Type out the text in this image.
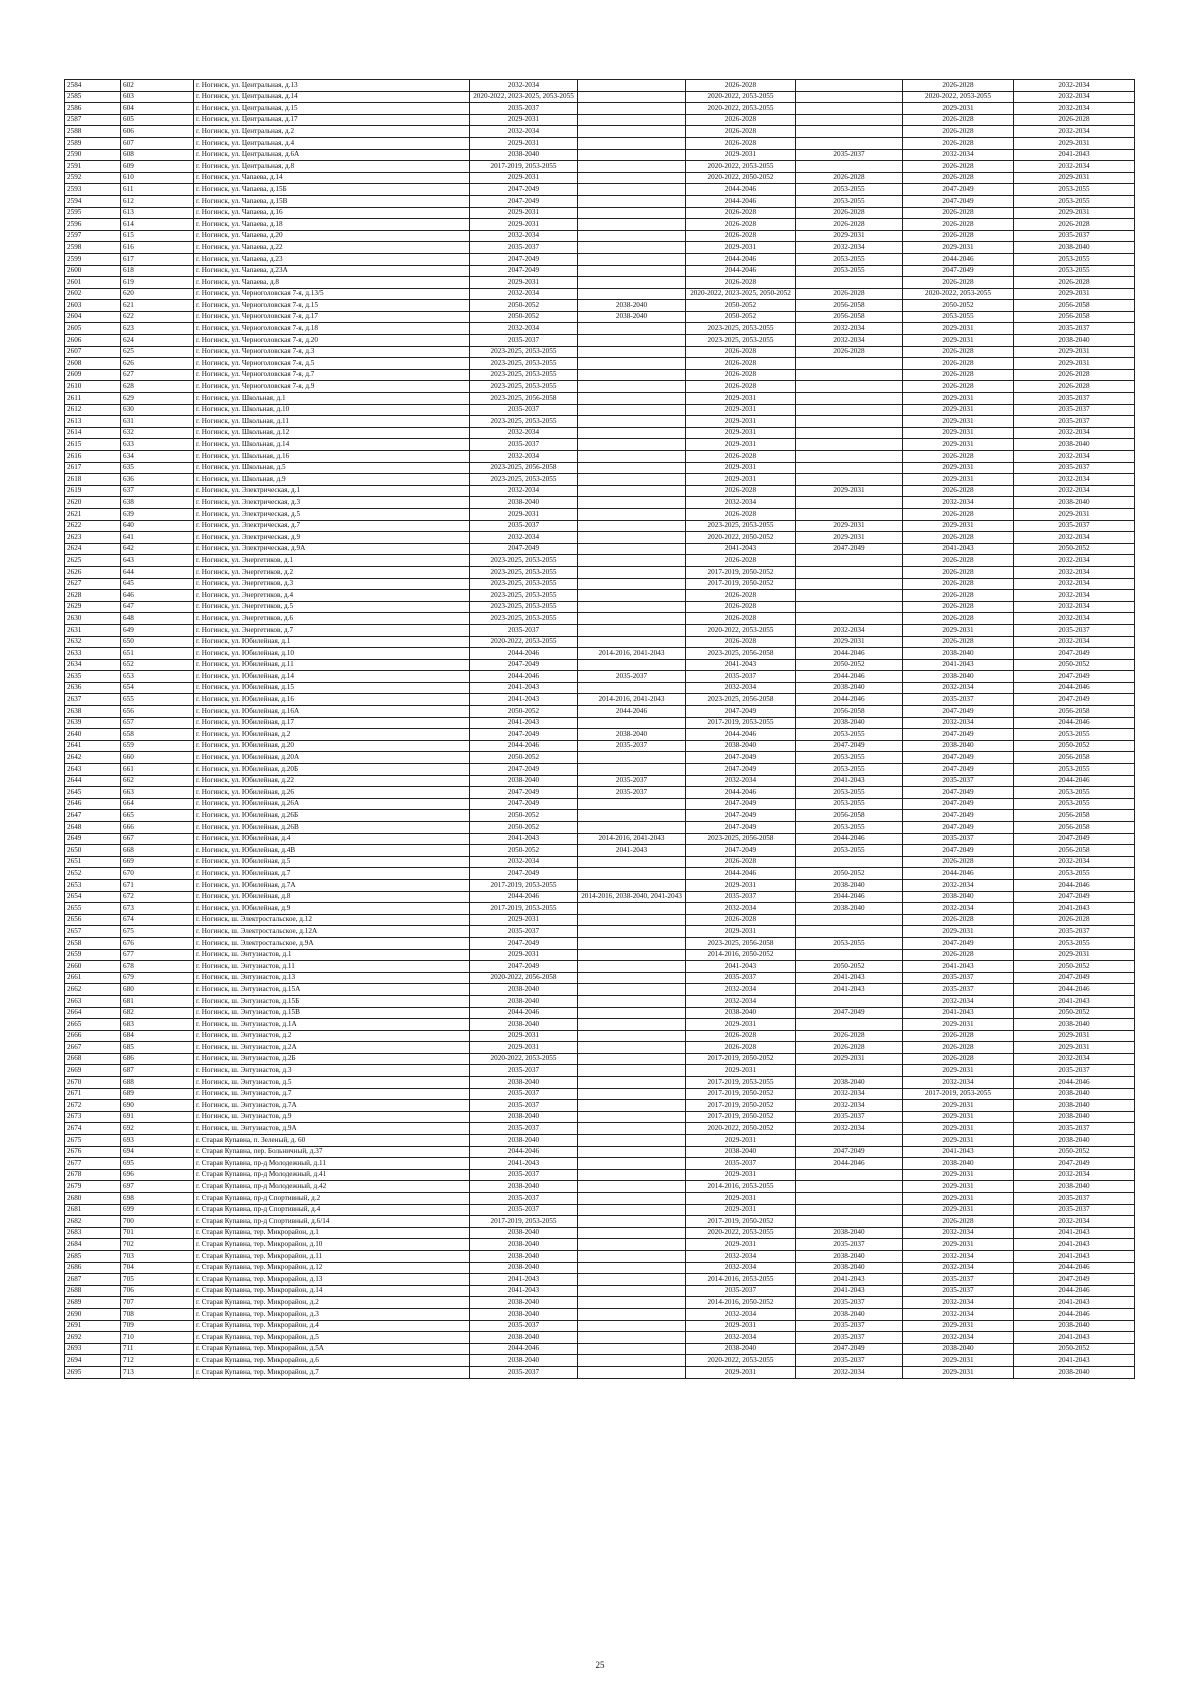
2584	602	г. Ногинск, ул. Центральная, д.13	2032-2034		2026-2028		2026-2028	2032-2034
2585	603	г. Ногинск, ул. Центральная, д.14	2020-2022, 2023-2025, 2053-2055		2020-2022, 2053-2055		2020-2022, 2053-2055	2032-2034
2586	604	г. Ногинск, ул. Центральная, д.15	2035-2037		2020-2022, 2053-2055		2029-2031	2032-2034
2587	605	г. Ногинск, ул. Центральная, д.17	2029-2031		2026-2028		2026-2028	2026-2028
2588	606	г. Ногинск, ул. Центральная, д.2	2032-2034		2026-2028		2026-2028	2032-2034
2589	607	г. Ногинск, ул. Центральная, д.4	2029-2031		2026-2028		2026-2028	2029-2031
2590	608	г. Ногинск, ул. Центральная, д.6А	2038-2040		2029-2031	2035-2037	2032-2034	2041-2043
2591	609	г. Ногинск, ул. Центральная, д.8	2017-2019, 2053-2055		2020-2022, 2053-2055		2026-2028	2032-2034
2592	610	г. Ногинск, ул. Чапаева, д.14	2029-2031		2020-2022, 2050-2052	2026-2028	2026-2028	2029-2031
2593	611	г. Ногинск, ул. Чапаева, д.15Б	2047-2049		2044-2046	2053-2055	2047-2049	2053-2055
2594	612	г. Ногинск, ул. Чапаева, д.15В	2047-2049		2044-2046	2053-2055	2047-2049	2053-2055
2595	613	г. Ногинск, ул. Чапаева, д.16	2029-2031		2026-2028	2026-2028	2026-2028	2029-2031
2596	614	г. Ногинск, ул. Чапаева, д.18	2029-2031		2026-2028	2026-2028	2026-2028	2026-2028
2597	615	г. Ногинск, ул. Чапаева, д.20	2032-2034		2026-2028	2029-2031	2026-2028	2035-2037
2598	616	г. Ногинск, ул. Чапаева, д.22	2035-2037		2029-2031	2032-2034	2029-2031	2038-2040
2599	617	г. Ногинск, ул. Чапаева, д.23	2047-2049		2044-2046	2053-2055	2044-2046	2053-2055
2600	618	г. Ногинск, ул. Чапаева, д.23А	2047-2049		2044-2046	2053-2055	2047-2049	2053-2055
2601	619	г. Ногинск, ул. Чапаева, д.8	2029-2031		2026-2028		2026-2028	2026-2028
2602	620	г. Ногинск, ул. Черноголовская 7-я, д.13/5	2032-2034		2020-2022, 2023-2025, 2050-2052	2026-2028	2020-2022, 2053-2055	2029-2031
2603	621	г. Ногинск, ул. Черноголовская 7-я, д.15	2050-2052	2038-2040	2050-2052	2056-2058	2050-2052	2056-2058
2604	622	г. Ногинск, ул. Черноголовская 7-я, д.17	2050-2052	2038-2040	2050-2052	2056-2058	2053-2055	2056-2058
2605	623	г. Ногинск, ул. Черноголовская 7-я, д.18	2032-2034		2023-2025, 2053-2055	2032-2034	2029-2031	2035-2037
2606	624	г. Ногинск, ул. Черноголовская 7-я, д.20	2035-2037		2023-2025, 2053-2055	2032-2034	2029-2031	2038-2040
2607	625	г. Ногинск, ул. Черноголовская 7-я, д.3	2023-2025, 2053-2055		2026-2028	2026-2028	2026-2028	2029-2031
2608	626	г. Ногинск, ул. Черноголовская 7-я, д.5	2023-2025, 2053-2055		2026-2028		2026-2028	2029-2031
2609	627	г. Ногинск, ул. Черноголовская 7-я, д.7	2023-2025, 2053-2055		2026-2028		2026-2028	2026-2028
2610	628	г. Ногинск, ул. Черноголовская 7-я, д.9	2023-2025, 2053-2055		2026-2028		2026-2028	2026-2028
2611	629	г. Ногинск, ул. Школьная, д.1	2023-2025, 2056-2058		2029-2031		2029-2031	2035-2037
2612	630	г. Ногинск, ул. Школьная, д.10	2035-2037		2029-2031		2029-2031	2035-2037
2613	631	г. Ногинск, ул. Школьная, д.11	2023-2025, 2053-2055		2029-2031		2029-2031	2035-2037
2614	632	г. Ногинск, ул. Школьная, д.12	2032-2034		2029-2031		2029-2031	2032-2034
2615	633	г. Ногинск, ул. Школьная, д.14	2035-2037		2029-2031		2029-2031	2038-2040
2616	634	г. Ногинск, ул. Школьная, д.16	2032-2034		2026-2028		2026-2028	2032-2034
2617	635	г. Ногинск, ул. Школьная, д.5	2023-2025, 2056-2058		2029-2031		2029-2031	2035-2037
2618	636	г. Ногинск, ул. Школьная, д.9	2023-2025, 2053-2055		2029-2031		2029-2031	2032-2034
2619	637	г. Ногинск, ул. Электрическая, д.1	2032-2034		2026-2028	2029-2031	2026-2028	2032-2034
2620	638	г. Ногинск, ул. Электрическая, д.3	2038-2040		2032-2034		2032-2034	2038-2040
2621	639	г. Ногинск, ул. Электрическая, д.5	2029-2031		2026-2028		2026-2028	2029-2031
2622	640	г. Ногинск, ул. Электрическая, д.7	2035-2037		2023-2025, 2053-2055	2029-2031	2029-2031	2035-2037
2623	641	г. Ногинск, ул. Электрическая, д.9	2032-2034		2020-2022, 2050-2052	2029-2031	2026-2028	2032-2034
2624	642	г. Ногинск, ул. Электрическая, д.9А	2047-2049		2041-2043	2047-2049	2041-2043	2050-2052
2625	643	г. Ногинск, ул. Энергетиков, д.1	2023-2025, 2053-2055		2026-2028		2026-2028	2032-2034
2626	644	г. Ногинск, ул. Энергетиков, д.2	2023-2025, 2053-2055		2017-2019, 2050-2052		2026-2028	2032-2034
2627	645	г. Ногинск, ул. Энергетиков, д.3	2023-2025, 2053-2055		2017-2019, 2050-2052		2026-2028	2032-2034
2628	646	г. Ногинск, ул. Энергетиков, д.4	2023-2025, 2053-2055		2026-2028		2026-2028	2032-2034
2629	647	г. Ногинск, ул. Энергетиков, д.5	2023-2025, 2053-2055		2026-2028		2026-2028	2032-2034
2630	648	г. Ногинск, ул. Энергетиков, д.6	2023-2025, 2053-2055		2026-2028		2026-2028	2032-2034
2631	649	г. Ногинск, ул. Энергетиков, д.7	2035-2037		2020-2022, 2053-2055	2032-2034	2029-2031	2035-2037
2632	650	г. Ногинск, ул. Юбилейная, д.1	2020-2022, 2053-2055		2026-2028	2029-2031	2026-2028	2032-2034
2633	651	г. Ногинск, ул. Юбилейная, д.10	2044-2046	2014-2016, 2041-2043	2023-2025, 2056-2058	2044-2046	2038-2040	2047-2049
2634	652	г. Ногинск, ул. Юбилейная, д.11	2047-2049		2041-2043	2050-2052	2041-2043	2050-2052
2635	653	г. Ногинск, ул. Юбилейная, д.14	2044-2046	2035-2037	2035-2037	2044-2046	2038-2040	2047-2049
2636	654	г. Ногинск, ул. Юбилейная, д.15	2041-2043		2032-2034	2038-2040	2032-2034	2044-2046
2637	655	г. Ногинск, ул. Юбилейная, д.16	2041-2043	2014-2016, 2041-2043	2023-2025, 2056-2058	2044-2046	2035-2037	2047-2049
2638	656	г. Ногинск, ул. Юбилейная, д.16А	2050-2052	2044-2046	2047-2049	2056-2058	2047-2049	2056-2058
2639	657	г. Ногинск, ул. Юбилейная, д.17	2041-2043		2017-2019, 2053-2055	2038-2040	2032-2034	2044-2046
2640	658	г. Ногинск, ул. Юбилейная, д.2	2047-2049	2038-2040	2044-2046	2053-2055	2047-2049	2053-2055
2641	659	г. Ногинск, ул. Юбилейная, д.20	2044-2046	2035-2037	2038-2040	2047-2049	2038-2040	2050-2052
2642	660	г. Ногинск, ул. Юбилейная, д.20А	2050-2052		2047-2049	2053-2055	2047-2049	2056-2058
2643	661	г. Ногинск, ул. Юбилейная, д.20Б	2047-2049		2047-2049	2053-2055	2047-2049	2053-2055
2644	662	г. Ногинск, ул. Юбилейная, д.22	2038-2040	2035-2037	2032-2034	2041-2043	2035-2037	2044-2046
2645	663	г. Ногинск, ул. Юбилейная, д.26	2047-2049	2035-2037	2044-2046	2053-2055	2047-2049	2053-2055
2646	664	г. Ногинск, ул. Юбилейная, д.26А	2047-2049		2047-2049	2053-2055	2047-2049	2053-2055
2647	665	г. Ногинск, ул. Юбилейная, д.26Б	2050-2052		2047-2049	2056-2058	2047-2049	2056-2058
2648	666	г. Ногинск, ул. Юбилейная, д.26В	2050-2052		2047-2049	2053-2055	2047-2049	2056-2058
2649	667	г. Ногинск, ул. Юбилейная, д.4	2041-2043	2014-2016, 2041-2043	2023-2025, 2056-2058	2044-2046	2035-2037	2047-2049
2650	668	г. Ногинск, ул. Юбилейная, д.4В	2050-2052	2041-2043	2047-2049	2053-2055	2047-2049	2056-2058
2651	669	г. Ногинск, ул. Юбилейная, д.5	2032-2034		2026-2028		2026-2028	2032-2034
2652	670	г. Ногинск, ул. Юбилейная, д.7	2047-2049		2044-2046	2050-2052	2044-2046	2053-2055
2653	671	г. Ногинск, ул. Юбилейная, д.7А	2017-2019, 2053-2055		2029-2031	2038-2040	2032-2034	2044-2046
2654	672	г. Ногинск, ул. Юбилейная, д.8	2044-2046	2014-2016, 2038-2040, 2041-2043	2035-2037	2044-2046	2038-2040	2047-2049
2655	673	г. Ногинск, ул. Юбилейная, д.9	2017-2019, 2053-2055		2032-2034	2038-2040	2032-2034	2041-2043
2656	674	г. Ногинск, ш. Электростальское, д.12	2029-2031		2026-2028		2026-2028	2026-2028
2657	675	г. Ногинск, ш. Электростальское, д.12А	2035-2037		2029-2031		2029-2031	2035-2037
2658	676	г. Ногинск, ш. Электростальское, д.9А	2047-2049		2023-2025, 2056-2058	2053-2055	2047-2049	2053-2055
2659	677	г. Ногинск, ш. Энтузиастов, д.1	2029-2031		2014-2016, 2050-2052		2026-2028	2029-2031
2660	678	г. Ногинск, ш. Энтузиастов, д.11	2047-2049		2041-2043	2050-2052	2041-2043	2050-2052
2661	679	г. Ногинск, ш. Энтузиастов, д.13	2020-2022, 2056-2058		2035-2037	2041-2043	2035-2037	2047-2049
2662	680	г. Ногинск, ш. Энтузиастов, д.15А	2038-2040		2032-2034	2041-2043	2035-2037	2044-2046
2663	681	г. Ногинск, ш. Энтузиастов, д.15Б	2038-2040		2032-2034		2032-2034	2041-2043
2664	682	г. Ногинск, ш. Энтузиастов, д.15В	2044-2046		2038-2040	2047-2049	2041-2043	2050-2052
2665	683	г. Ногинск, ш. Энтузиастов, д.1А	2038-2040		2029-2031		2029-2031	2038-2040
2666	684	г. Ногинск, ш. Энтузиастов, д.2	2029-2031		2026-2028	2026-2028	2026-2028	2029-2031
2667	685	г. Ногинск, ш. Энтузиастов, д.2А	2029-2031		2026-2028	2026-2028	2026-2028	2029-2031
2668	686	г. Ногинск, ш. Энтузиастов, д.2Б	2020-2022, 2053-2055		2017-2019, 2050-2052	2029-2031	2026-2028	2032-2034
2669	687	г. Ногинск, ш. Энтузиастов, д.3	2035-2037		2029-2031		2029-2031	2035-2037
2670	688	г. Ногинск, ш. Энтузиастов, д.5	2038-2040		2017-2019, 2053-2055	2038-2040	2032-2034	2044-2046
2671	689	г. Ногинск, ш. Энтузиастов, д.7	2035-2037		2017-2019, 2050-2052	2032-2034	2017-2019, 2053-2055	2038-2040
2672	690	г. Ногинск, ш. Энтузиастов, д.7А	2035-2037		2017-2019, 2050-2052	2032-2034	2029-2031	2038-2040
2673	691	г. Ногинск, ш. Энтузиастов, д.9	2038-2040		2017-2019, 2050-2052	2035-2037	2029-2031	2038-2040
2674	692	г. Ногинск, ш. Энтузиастов, д.9А	2035-2037		2020-2022, 2050-2052	2032-2034	2029-2031	2035-2037
2675	693	г. Старая Купавна, п. Зеленый, д. 60	2038-2040		2029-2031		2029-2031	2038-2040
2676	694	г. Старая Купавна, пер. Больничный, д.37	2044-2046		2038-2040	2047-2049	2041-2043	2050-2052
2677	695	г. Старая Купавна, пр-д Молодежный, д.11	2041-2043		2035-2037	2044-2046	2038-2040	2047-2049
2678	696	г. Старая Купавна, пр-д Молодежный, д.41	2035-2037		2029-2031		2029-2031	2032-2034
2679	697	г. Старая Купавна, пр-д Молодежный, д.42	2038-2040		2014-2016, 2053-2055		2029-2031	2038-2040
2680	698	г. Старая Купавна, пр-д Спортивный, д.2	2035-2037		2029-2031		2029-2031	2035-2037
2681	699	г. Старая Купавна, пр-д Спортивный, д.4	2035-2037		2029-2031		2029-2031	2035-2037
2682	700	г. Старая Купавна, пр-д Спортивный, д.6/14	2017-2019, 2053-2055		2017-2019, 2050-2052		2026-2028	2032-2034
2683	701	г. Старая Купавна, тер. Микрорайон, д.1	2038-2040		2020-2022, 2053-2055	2038-2040	2032-2034	2041-2043
2684	702	г. Старая Купавна, тер. Микрорайон, д.10	2038-2040		2029-2031	2035-2037	2029-2031	2041-2043
2685	703	г. Старая Купавна, тер. Микрорайон, д.11	2038-2040		2032-2034	2038-2040	2032-2034	2041-2043
2686	704	г. Старая Купавна, тер. Микрорайон, д.12	2038-2040		2032-2034	2038-2040	2032-2034	2044-2046
2687	705	г. Старая Купавна, тер. Микрорайон, д.13	2041-2043		2014-2016, 2053-2055	2041-2043	2035-2037	2047-2049
2688	706	г. Старая Купавна, тер. Микрорайон, д.14	2041-2043		2035-2037	2041-2043	2035-2037	2044-2046
2689	707	г. Старая Купавна, тер. Микрорайон, д.2	2038-2040		2014-2016, 2050-2052	2035-2037	2032-2034	2041-2043
2690	708	г. Старая Купавна, тер. Микрорайон, д.3	2038-2040		2032-2034	2038-2040	2032-2034	2044-2046
2691	709	г. Старая Купавна, тер. Микрорайон, д.4	2035-2037		2029-2031	2035-2037	2029-2031	2038-2040
2692	710	г. Старая Купавна, тер. Микрорайон, д.5	2038-2040		2032-2034	2035-2037	2032-2034	2041-2043
2693	711	г. Старая Купавна, тер. Микрорайон, д.5А	2044-2046		2038-2040	2047-2049	2038-2040	2050-2052
2694	712	г. Старая Купавна, тер. Микрорайон, д.6	2038-2040		2020-2022, 2053-2055	2035-2037	2029-2031	2041-2043
2695	713	г. Старая Купавна, тер. Микрорайон, д.7	2035-2037		2029-2031	2032-2034	2029-2031	2038-2040
25
